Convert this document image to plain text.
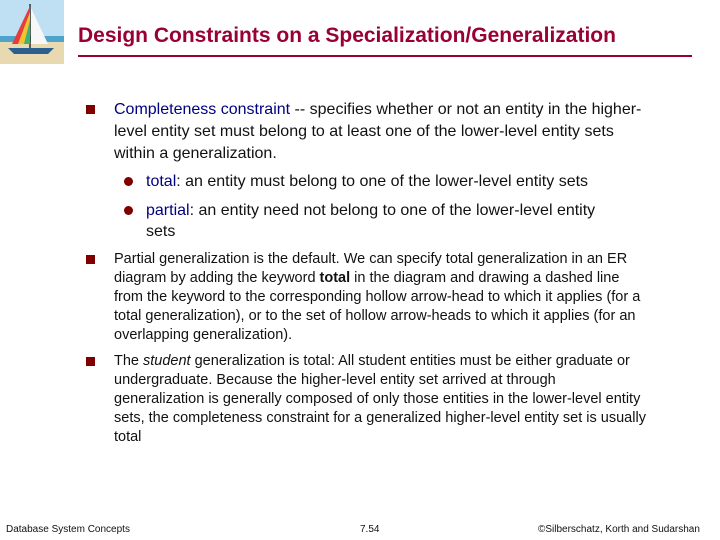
Design Constraints on a Specialization/Generalization
Completeness constraint -- specifies whether or not an entity in the higher-level entity set must belong to at least one of the lower-level entity sets within a generalization.
total: an entity must belong to one of the lower-level entity sets
partial: an entity need not belong to one of the lower-level entity sets
Partial generalization is the default. We can specify total generalization in an ER diagram by adding the keyword total in the diagram and drawing a dashed line from the keyword to the corresponding hollow arrow-head to which it applies (for a total generalization), or to the set of hollow arrow-heads to which it applies (for an overlapping generalization).
The student generalization is total: All student entities must be either graduate or undergraduate. Because the higher-level entity set arrived at through generalization is generally composed of only those entities in the lower-level entity sets, the completeness constraint for a generalized higher-level entity set is usually total
Database System Concepts	7.54	©Silberschatz, Korth and Sudarshan
